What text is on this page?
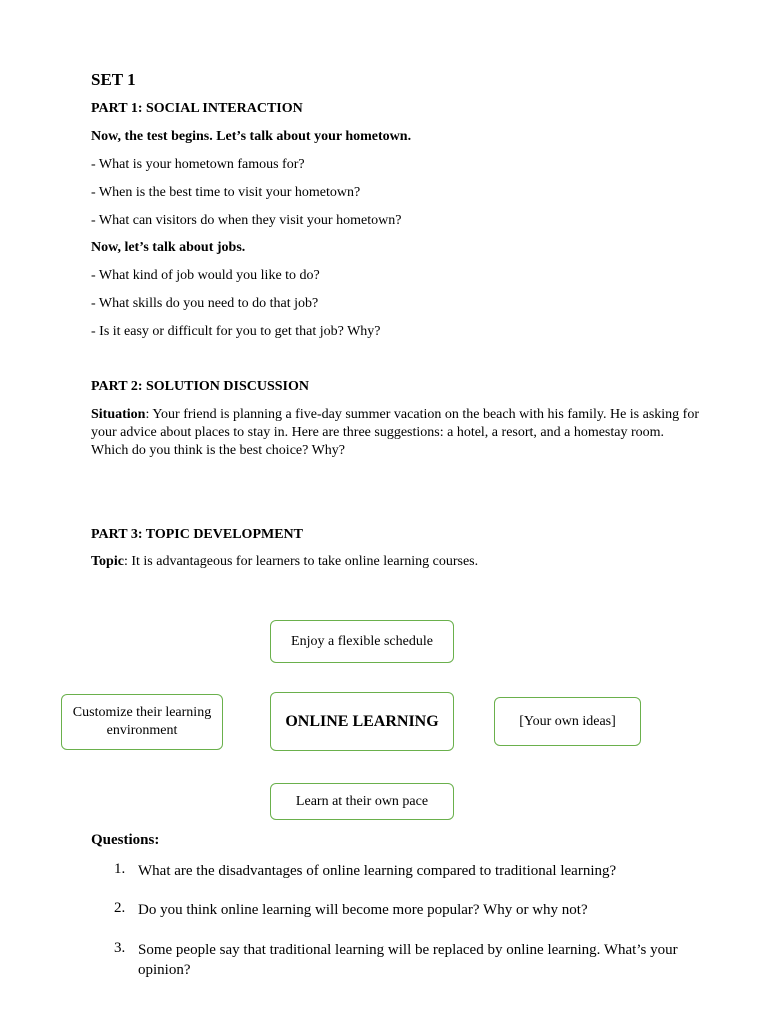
SET 1
PART 1: SOCIAL INTERACTION
Now, the test begins. Let’s talk about your hometown.
- What is your hometown famous for?
- When is the best time to visit your hometown?
- What can visitors do when they visit your hometown?
Now, let’s talk about jobs.
- What kind of job would you like to do?
- What skills do you need to do that job?
- Is it easy or difficult for you to get that job? Why?
PART 2: SOLUTION DISCUSSION
Situation: Your friend is planning a five-day summer vacation on the beach with his family. He is asking for your advice about places to stay in. Here are three suggestions: a hotel, a resort, and a homestay room. Which do you think is the best choice? Why?
PART 3: TOPIC DEVELOPMENT
Topic: It is advantageous for learners to take online learning courses.
Enjoy a flexible schedule
Customize their learning environment
ONLINE LEARNING	[Your own ideas]
Learn at their own pace
Questions:
1. What are the disadvantages of online learning compared to traditional learning?
2. Do you think online learning will become more popular? Why or why not?
3. Some people say that traditional learning will be replaced by online learning. What’s your opinion?
